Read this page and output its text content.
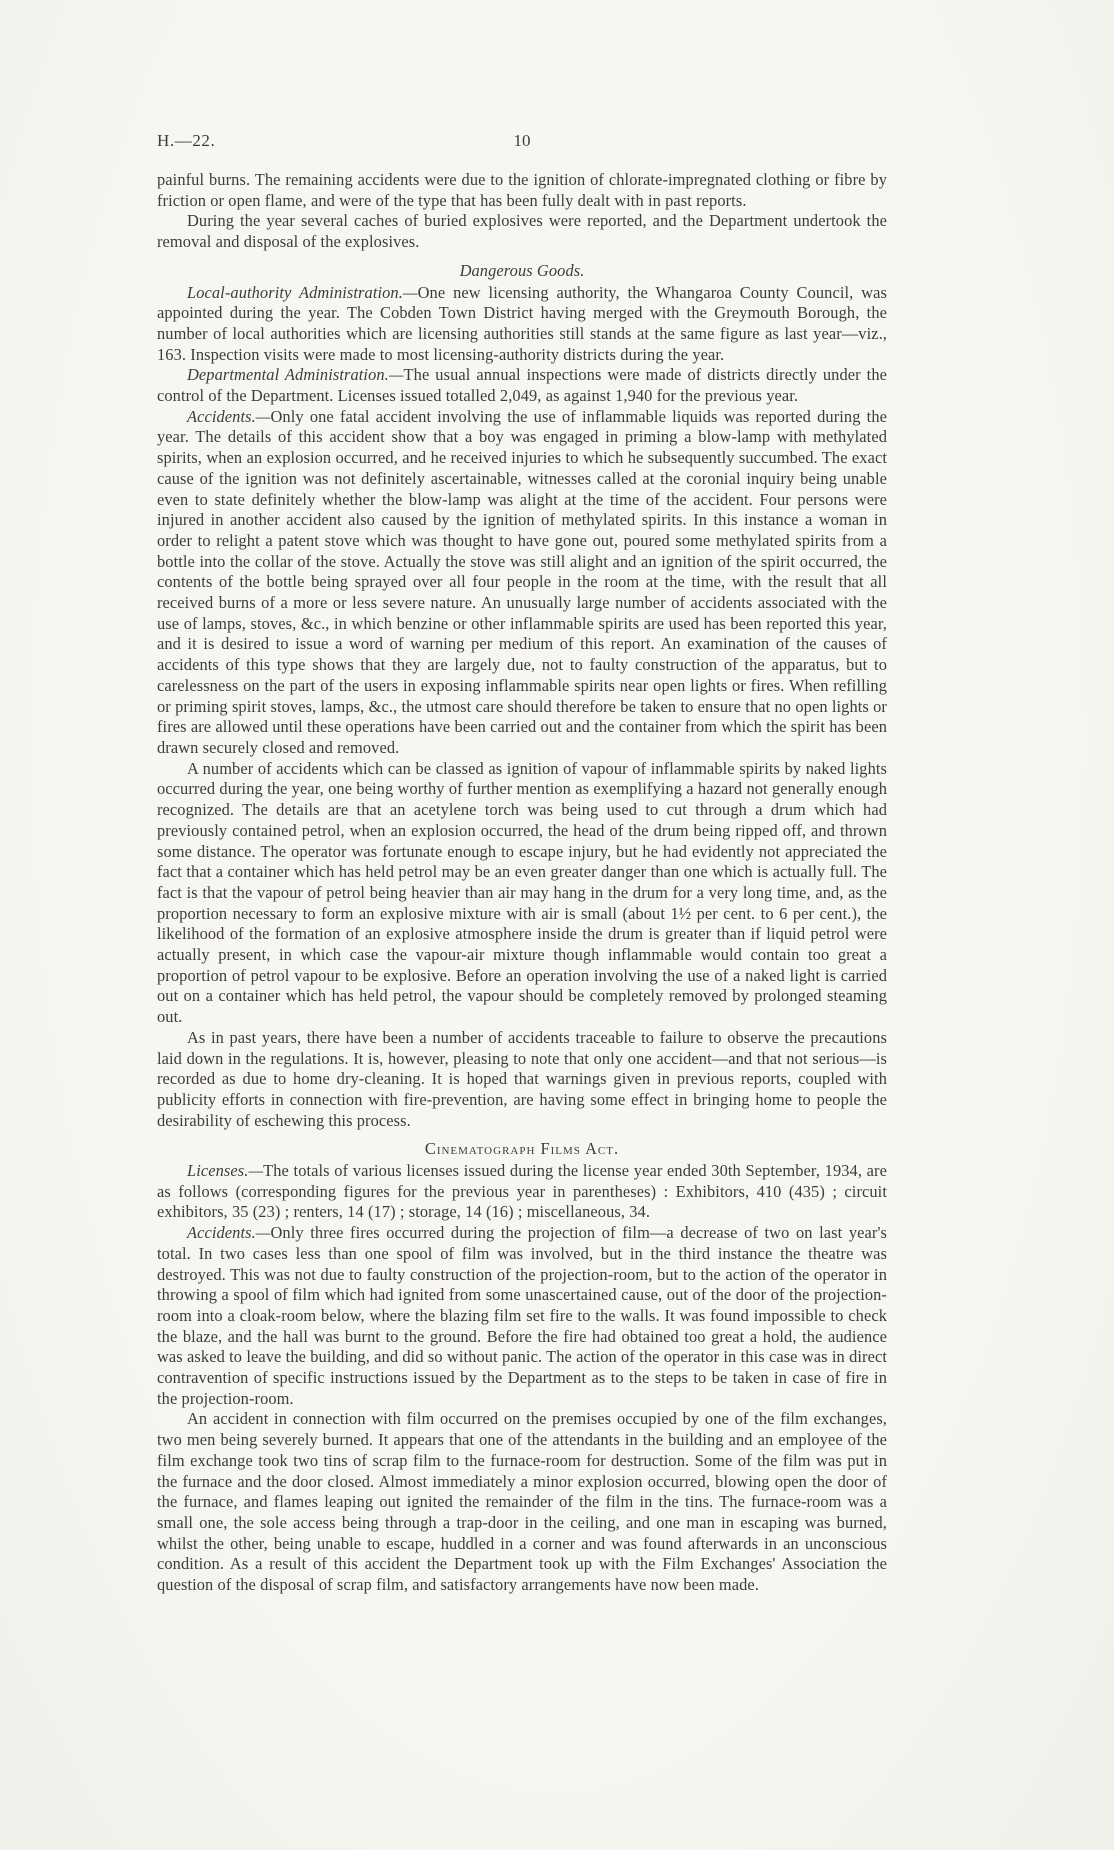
H.—22.	10

painful burns. The remaining accidents were due to the ignition of chlorate-impregnated clothing or fibre by friction or open flame, and were of the type that has been fully dealt with in past reports.

During the year several caches of buried explosives were reported, and the Department undertook the removal and disposal of the explosives.

Dangerous Goods.

Local-authority Administration.—One new licensing authority, the Whangaroa County Council, was appointed during the year. The Cobden Town District having merged with the Greymouth Borough, the number of local authorities which are licensing authorities still stands at the same figure as last year—viz., 163. Inspection visits were made to most licensing-authority districts during the year.

Departmental Administration.—The usual annual inspections were made of districts directly under the control of the Department. Licenses issued totalled 2,049, as against 1,940 for the previous year.

Accidents.—Only one fatal accident involving the use of inflammable liquids was reported during the year. The details of this accident show that a boy was engaged in priming a blow-lamp with methylated spirits, when an explosion occurred, and he received injuries to which he subsequently succumbed. The exact cause of the ignition was not definitely ascertainable, witnesses called at the coronial inquiry being unable even to state definitely whether the blow-lamp was alight at the time of the accident. Four persons were injured in another accident also caused by the ignition of methylated spirits. In this instance a woman in order to relight a patent stove which was thought to have gone out, poured some methylated spirits from a bottle into the collar of the stove. Actually the stove was still alight and an ignition of the spirit occurred, the contents of the bottle being sprayed over all four people in the room at the time, with the result that all received burns of a more or less severe nature. An unusually large number of accidents associated with the use of lamps, stoves, &c., in which benzine or other inflammable spirits are used has been reported this year, and it is desired to issue a word of warning per medium of this report. An examination of the causes of accidents of this type shows that they are largely due, not to faulty construction of the apparatus, but to carelessness on the part of the users in exposing inflammable spirits near open lights or fires. When refilling or priming spirit stoves, lamps, &c., the utmost care should therefore be taken to ensure that no open lights or fires are allowed until these operations have been carried out and the container from which the spirit has been drawn securely closed and removed.

A number of accidents which can be classed as ignition of vapour of inflammable spirits by naked lights occurred during the year, one being worthy of further mention as exemplifying a hazard not generally enough recognized. The details are that an acetylene torch was being used to cut through a drum which had previously contained petrol, when an explosion occurred, the head of the drum being ripped off, and thrown some distance. The operator was fortunate enough to escape injury, but he had evidently not appreciated the fact that a container which has held petrol may be an even greater danger than one which is actually full. The fact is that the vapour of petrol being heavier than air may hang in the drum for a very long time, and, as the proportion necessary to form an explosive mixture with air is small (about 1½ per cent. to 6 per cent.), the likelihood of the formation of an explosive atmosphere inside the drum is greater than if liquid petrol were actually present, in which case the vapour-air mixture though inflammable would contain too great a proportion of petrol vapour to be explosive. Before an operation involving the use of a naked light is carried out on a container which has held petrol, the vapour should be completely removed by prolonged steaming out.

As in past years, there have been a number of accidents traceable to failure to observe the precautions laid down in the regulations. It is, however, pleasing to note that only one accident—and that not serious—is recorded as due to home dry-cleaning. It is hoped that warnings given in previous reports, coupled with publicity efforts in connection with fire-prevention, are having some effect in bringing home to people the desirability of eschewing this process.

Cinematograph Films Act.

Licenses.—The totals of various licenses issued during the license year ended 30th September, 1934, are as follows (corresponding figures for the previous year in parentheses) : Exhibitors, 410 (435) ; circuit exhibitors, 35 (23) ; renters, 14 (17) ; storage, 14 (16) ; miscellaneous, 34.

Accidents.—Only three fires occurred during the projection of film—a decrease of two on last year's total. In two cases less than one spool of film was involved, but in the third instance the theatre was destroyed. This was not due to faulty construction of the projection-room, but to the action of the operator in throwing a spool of film which had ignited from some unascertained cause, out of the door of the projection-room into a cloak-room below, where the blazing film set fire to the walls. It was found impossible to check the blaze, and the hall was burnt to the ground. Before the fire had obtained too great a hold, the audience was asked to leave the building, and did so without panic. The action of the operator in this case was in direct contravention of specific instructions issued by the Department as to the steps to be taken in case of fire in the projection-room.

An accident in connection with film occurred on the premises occupied by one of the film exchanges, two men being severely burned. It appears that one of the attendants in the building and an employee of the film exchange took two tins of scrap film to the furnace-room for destruction. Some of the film was put in the furnace and the door closed. Almost immediately a minor explosion occurred, blowing open the door of the furnace, and flames leaping out ignited the remainder of the film in the tins. The furnace-room was a small one, the sole access being through a trap-door in the ceiling, and one man in escaping was burned, whilst the other, being unable to escape, huddled in a corner and was found afterwards in an unconscious condition. As a result of this accident the Department took up with the Film Exchanges' Association the question of the disposal of scrap film, and satisfactory arrangements have now been made.
